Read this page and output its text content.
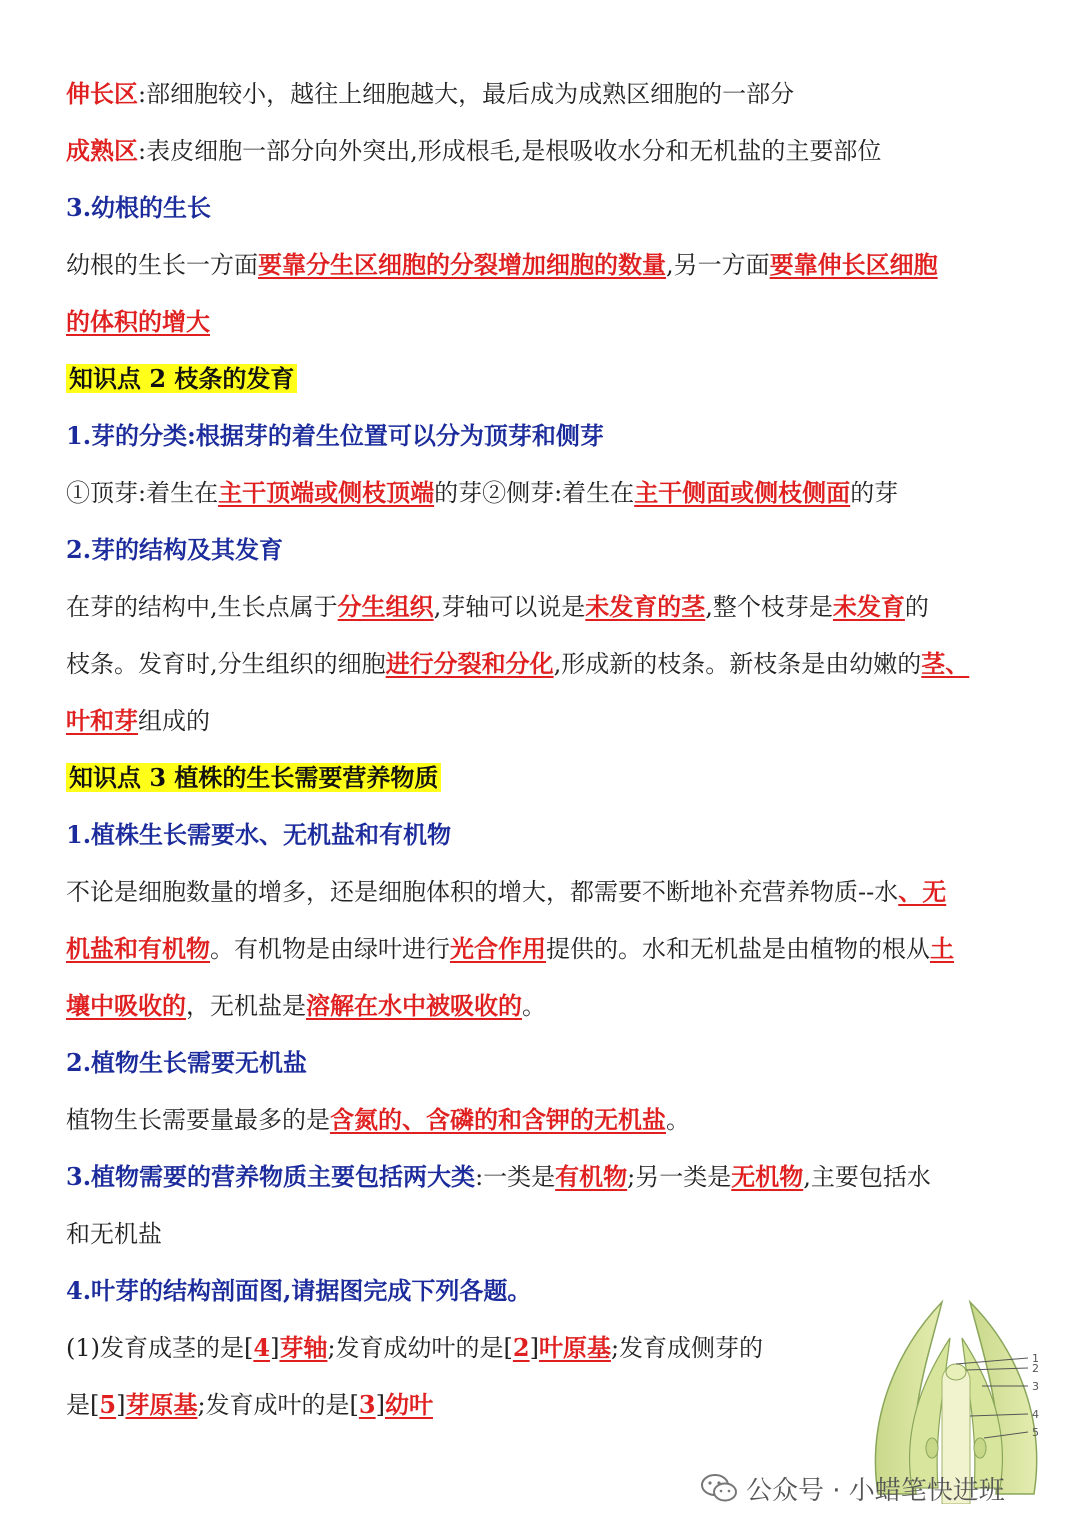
伸长区:部细胞较小，越往上细胞越大，最后成为成熟区细胞的一部分
成熟区:表皮细胞一部分向外突出,形成根毛,是根吸收水分和无机盐的主要部位
3.幼根的生长
幼根的生长一方面要靠分生区细胞的分裂增加细胞的数量,另一方面要靠伸长区细胞
的体积的增大
知识点 2 枝条的发育
1.芽的分类:根据芽的着生位置可以分为顶芽和侧芽
①顶芽:着生在主干顶端或侧枝顶端的芽②侧芽:着生在主干侧面或侧枝侧面的芽
2.芽的结构及其发育
在芽的结构中,生长点属于分生组织,芽轴可以说是未发育的茎,整个枝芽是未发育的
枝条。发育时,分生组织的细胞进行分裂和分化,形成新的枝条。新枝条是由幼嫩的茎、
叶和芽组成的
知识点 3 植株的生长需要营养物质
1.植株生长需要水、无机盐和有机物
不论是细胞数量的增多，还是细胞体积的增大，都需要不断地补充营养物质--水、无
机盐和有机物。有机物是由绿叶进行光合作用提供的。水和无机盐是由植物的根从土
壤中吸收的，无机盐是溶解在水中被吸收的。
2.植物生长需要无机盐
植物生长需要量最多的是含氮的、含磷的和含钾的无机盐。
3.植物需要的营养物质主要包括两大类:一类是有机物;另一类是无机物,主要包括水
和无机盐
4.叶芽的结构剖面图,请据图完成下列各题。
(1)发育成茎的是[4]芽轴;发育成幼叶的是[2]叶原基;发育成侧芽的
是[5]芽原基;发育成叶的是[3]幼叶
1
2
3
4
5
公众号 · 小蜡笔快进班
